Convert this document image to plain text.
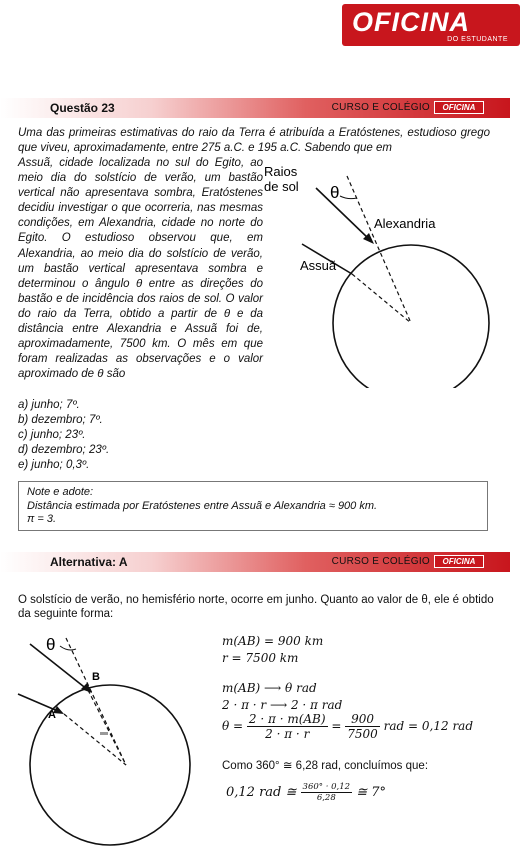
OFICINA
DO ESTUDANTE
Questão 23	CURSO E COLÉGIO	OFICINA
Uma das primeiras estimativas do raio da Terra é atribuída a Eratóstenes, estudioso grego que viveu, aproximadamente, entre 275 a.C. e 195 a.C. Sabendo que em
Assuã, cidade localizada no sul do Egito, ao meio dia do solstício de verão, um bastão vertical não apresentava sombra, Eratóstenes decidiu investigar o que ocorreria, nas mesmas condições, em Alexandria, cidade no norte do Egito. O estudioso observou que, em Alexandria, ao meio dia do solstício de verão, um bastão vertical apresentava sombra e determinou o ângulo θ entre as direções do bastão e de incidência dos raios de sol. O valor do raio da Terra, obtido a partir de θ e da distância entre Alexandria e Assuã foi de, aproximadamente, 7500 km. O mês em que foram realizadas as observações e o valor aproximado de θ são
Raios
de sol θ
Alexandria
Assuã
a) junho; 7º.
b) dezembro; 7º.
c) junho; 23º.
d) dezembro; 23º.
e) junho; 0,3º.
Note e adote:
Distância estimada por Eratóstenes entre Assuã e Alexandria ≈ 900 km.
π = 3.
Alternativa: A	CURSO E COLÉGIO	OFICINA
O solstício de verão, no hemisfério norte, ocorre em junho. Quanto ao valor de θ, ele é obtido da seguinte forma:
θ
B
A
m(AB) = 900 km
r = 7500 km
m(AB) ⟶ θ rad
2 · π · r ⟶ 2 · π rad
$\theta = \frac{2 \cdot \pi \cdot m(AB)}{2 \cdot \pi \cdot r} = \frac{900}{7500}$ rad = 0,12 rad
Como 360° ≅ 6,28 rad, concluímos que:
0,12 rad ≅ $\frac{360^\circ \cdot 0,12}{6,28}$ ≅ 7°
